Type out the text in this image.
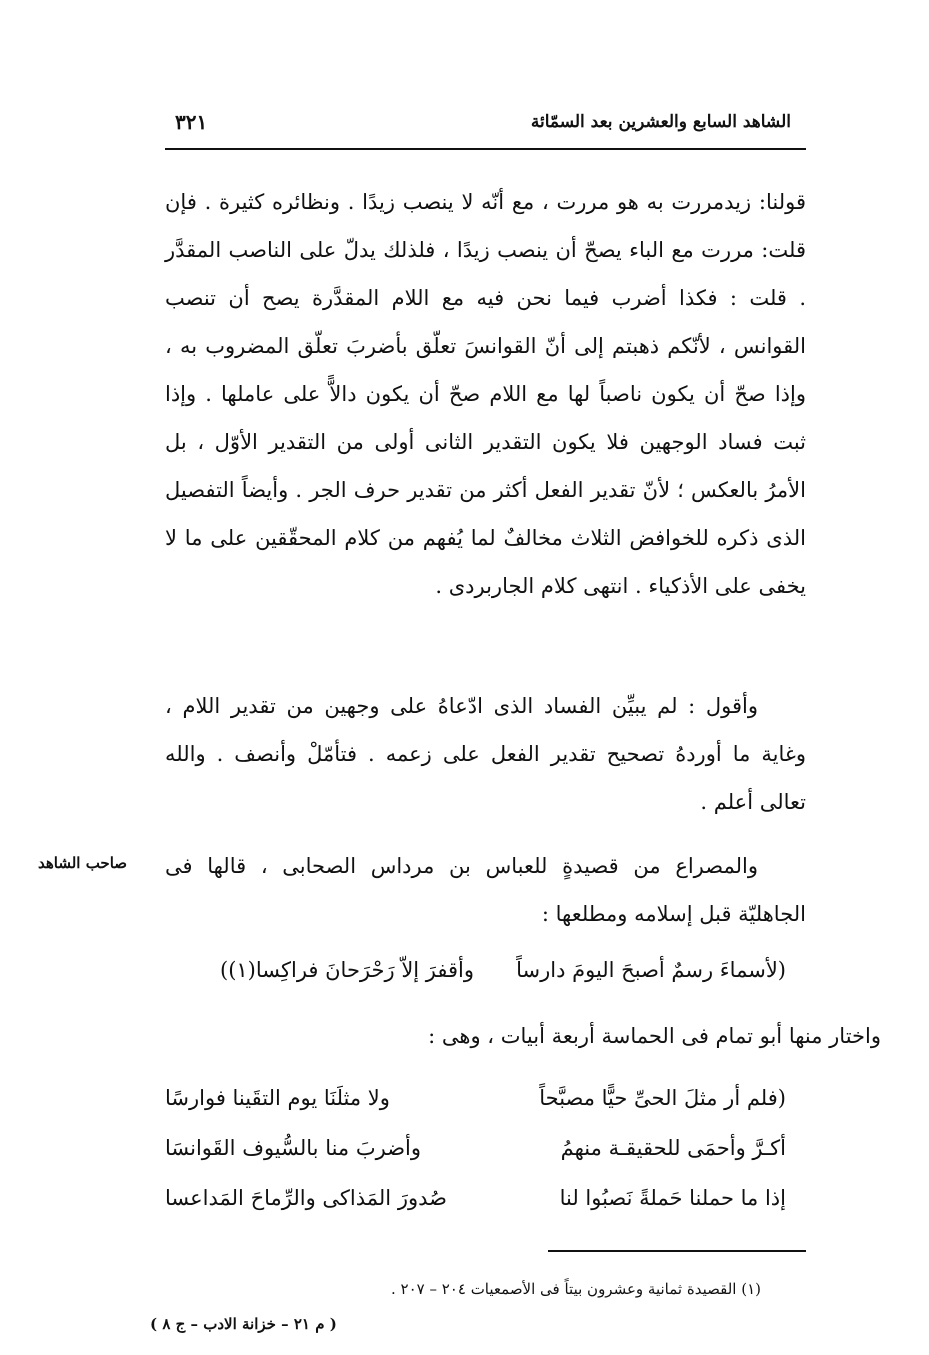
الشاهد السابع والعشرين بعد السمّائة
٣٢١
قولنا: زيدمررت به هو مررت ، مع أنّه لا ينصب زيدًا . ونظائره كثيرة . فإن قلت: مررت مع الباء يصحّ أن ينصب زيدًا ، فلذلك يدلّ على الناصب المقدَّر . قلت : فكذا أضرب فيما نحن فيه مع اللام المقدَّرة يصح أن تنصب القوانس ، لأنّكم ذهبتم إلى أنّ القوانسَ تعلّق بأضربَ تعلّق المضروب به ، وإذا صحّ أن يكون ناصباً لها مع اللام صحّ أن يكون دالاًّ على عاملها . وإذا ثبت فساد الوجهين فلا يكون التقدير الثانى أولى من التقدير الأوّل ، بل الأمرُ بالعكس ؛ لأنّ تقدير الفعل أكثر من تقدير حرف الجر . وأيضاً التفصيل الذى ذكره للخوافض الثلاث مخالفٌ لما يُفهم من كلام المحقّقين على ما لا يخفى على الأذكياء . انتهى كلام الجاربردى .
وأقول : لم يبيِّن الفساد الذى ادّعاهُ على وجهين من تقدير اللام ، وغاية ما أوردهُ تصحيح تقدير الفعل على زعمه . فتأمّلْ وأنصف . والله تعالى أعلم .
والمصراع من قصيدةٍ للعباس بن مرداس الصحابى ، قالها فى الجاهليّة قبل إسلامه ومطلعها :
صاحب الشاهد
(لأسماءَ رسمٌ أصبحَ اليومَ دارساً
وأقفرَ إلاّ رَحْرَحانَ فراكِسا(١))
واختار منها أبو تمام فى الحماسة أربعة أبيات ، وهى :
(فلم أر مثلَ الحىِّ حيًّا مصبَّحاً
ولا مثلَنَا يوم التقَينا فوارسًا
أكـرَّ وأحمَى للحقيقـة منهمُ
وأضربَ منا بالسُّيوف القَوانسَا
إذا ما حملنا حَملةً نَصبُوا لنا
صُدورَ المَذاكى والرِّماحَ المَداعسا
(١) القصيدة ثمانية وعشرون بيتاً فى الأصمعيات ٢٠٤ – ٢٠٧ .
( م ٢١ – خزانة الادب – ج ٨ )
